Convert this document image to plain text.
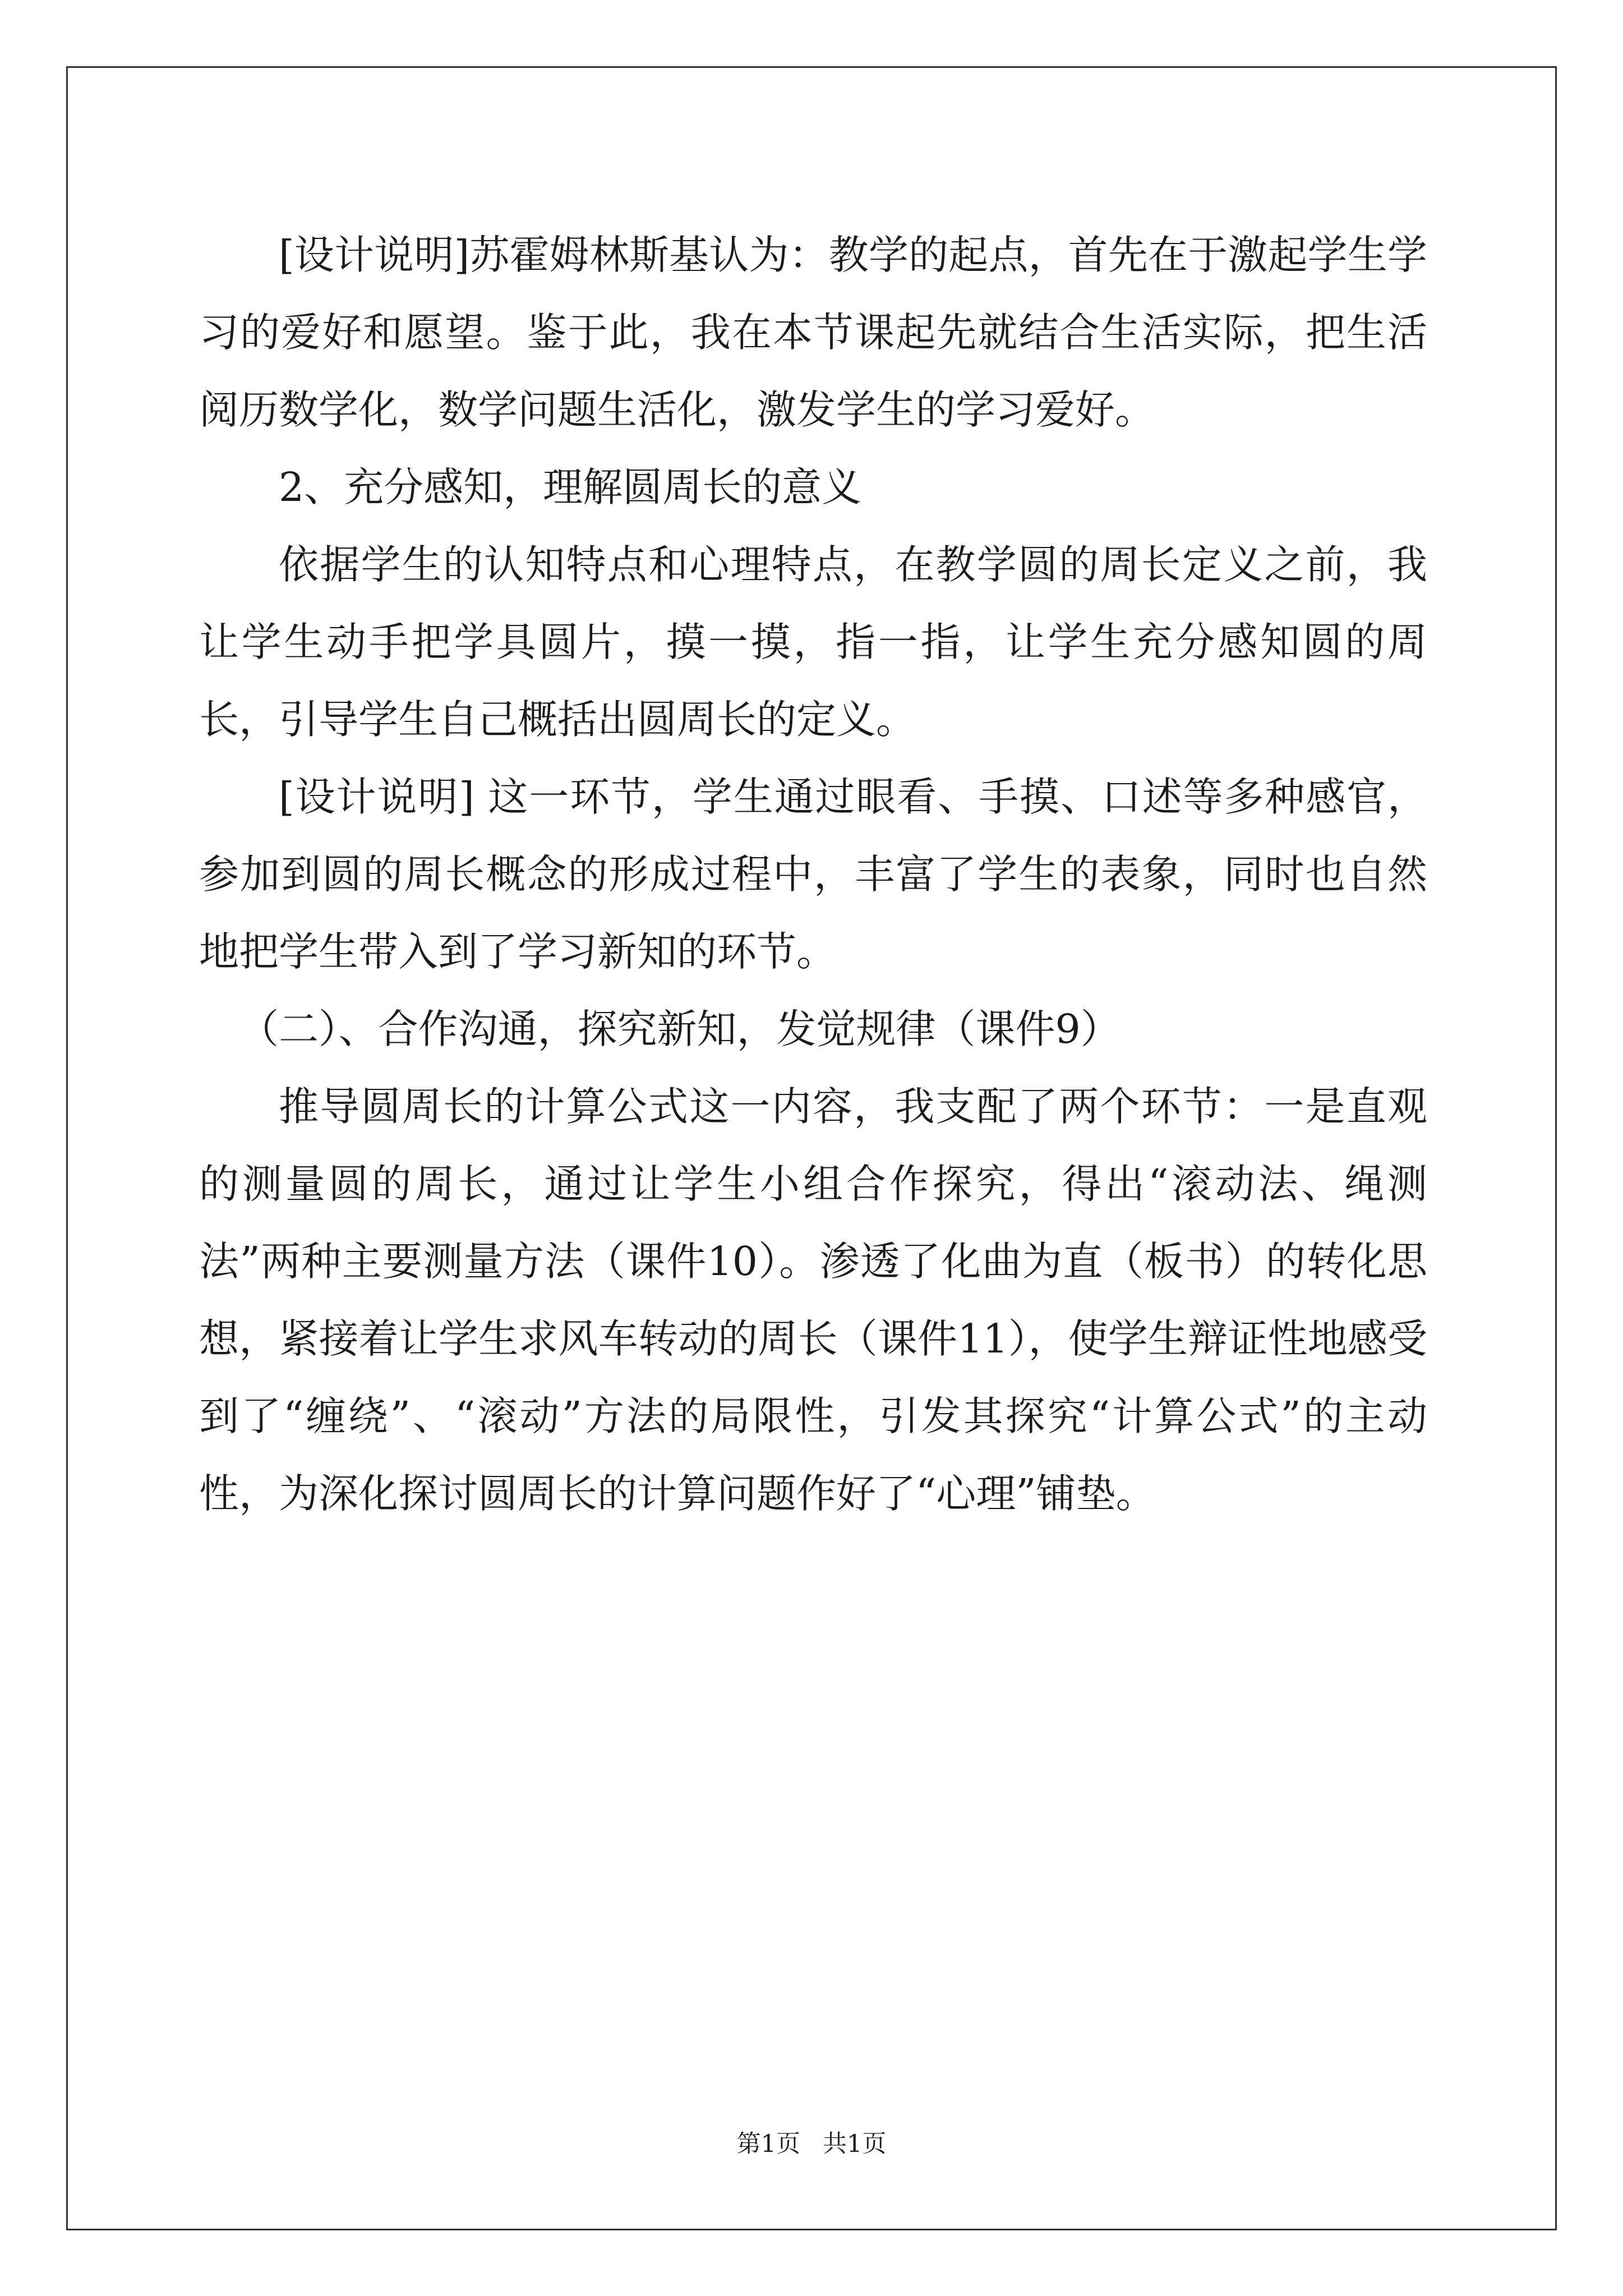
[设计说明]苏霍姆林斯基认为：教学的起点，首先在于激起学生学习的爱好和愿望。鉴于此，我在本节课起先就结合生活实际，把生活阅历数学化，数学问题生活化，激发学生的学习爱好。

2、充分感知，理解圆周长的意义

依据学生的认知特点和心理特点，在教学圆的周长定义之前，我让学生动手把学具圆片，摸一摸，指一指，让学生充分感知圆的周长，引导学生自己概括出圆周长的定义。

[设计说明] 这一环节，学生通过眼看、手摸、口述等多种感官，参加到圆的周长概念的形成过程中，丰富了学生的表象，同时也自然地把学生带入到了学习新知的环节。

（二）、合作沟通，探究新知，发觉规律（课件9）

推导圆周长的计算公式这一内容，我支配了两个环节：一是直观的测量圆的周长，通过让学生小组合作探究，得出“滚动法、绳测法”两种主要测量方法（课件10）。渗透了化曲为直（板书）的转化思想，紧接着让学生求风车转动的周长（课件11），使学生辩证性地感受到了“缠绕”、“滚动”方法的局限性，引发其探究“计算公式”的主动性，为深化探讨圆周长的计算问题作好了“心理”铺垫。

第1页 共1页
